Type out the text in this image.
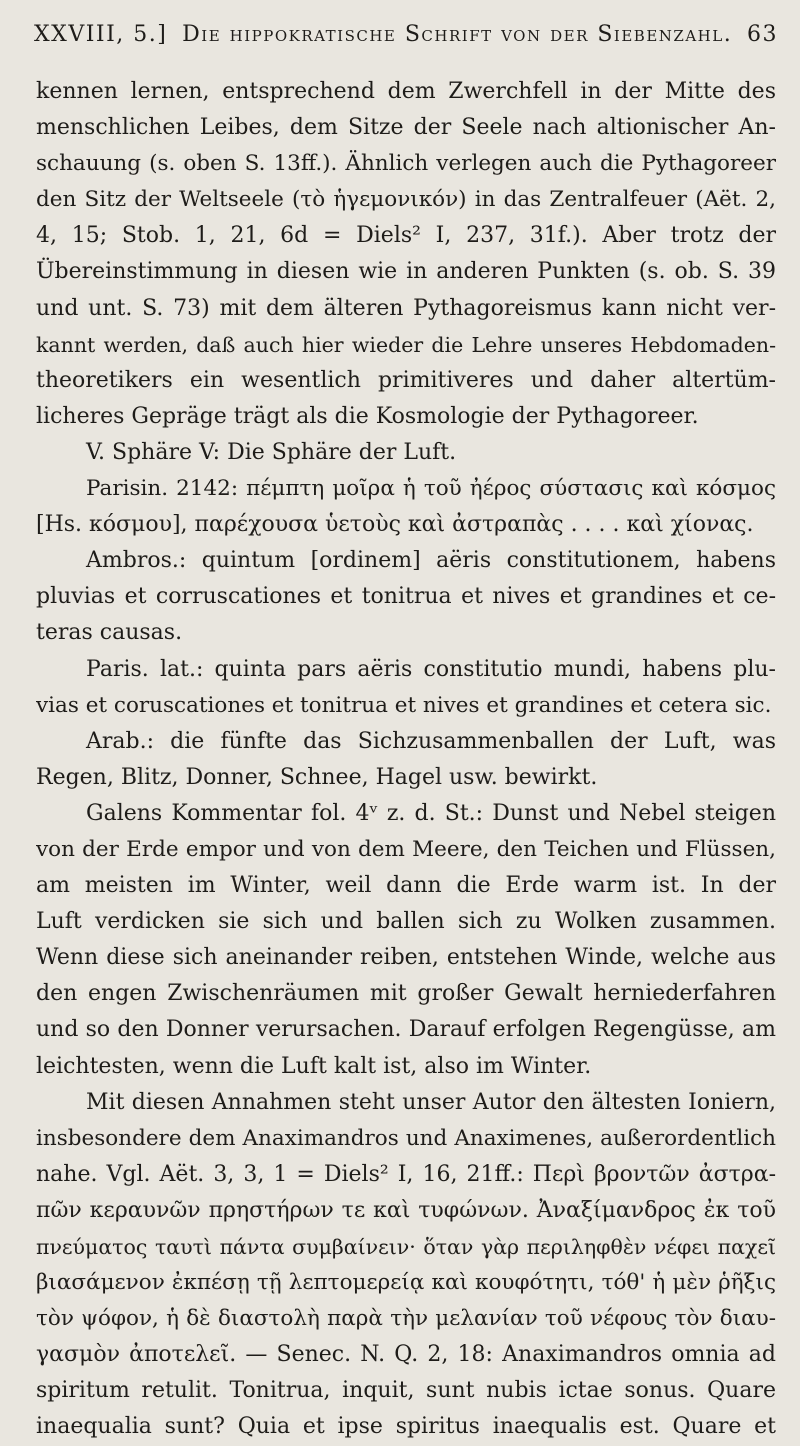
XXVIII, 5.] Die hippokratische Schrift von der Siebenzahl. 63
kennen lernen, entsprechend dem Zwerchfell in der Mitte des
menschlichen Leibes, dem Sitze der Seele nach altionischer An-
schauung (s. oben S. 13ff.). Ähnlich verlegen auch die Pythagoreer
den Sitz der Weltseele (τὸ ἡγεμονικόν) in das Zentralfeuer (Aët. 2,
4, 15; Stob. 1, 21, 6d = Diels² I, 237, 31f.). Aber trotz der
Übereinstimmung in diesen wie in anderen Punkten (s. ob. S. 39
und unt. S. 73) mit dem älteren Pythagoreismus kann nicht ver-
kannt werden, daß auch hier wieder die Lehre unseres Hebdomaden-
theoretikers ein wesentlich primitiveres und daher altertüm-
licheres Gepräge trägt als die Kosmologie der Pythagoreer.
V. Sphäre V: Die Sphäre der Luft.
Parisin. 2142: πέμπτη μοῖρα ἡ τοῦ ἠέρος σύστασις καὶ κόσμος
[Hs. κόσμου], παρέχουσα ὑετοὺς καὶ ἀστραπὰς . . . . καὶ χίονας.
Ambros.: quintum [ordinem] aëris constitutionem, habens
pluvias et corruscationes et tonitrua et nives et grandines et ce-
teras causas.
Paris. lat.: quinta pars aëris constitutio mundi, habens plu-
vias et coruscationes et tonitrua et nives et grandines et cetera sic.
Arab.: die fünfte das Sichzusammenballen der Luft, was
Regen, Blitz, Donner, Schnee, Hagel usw. bewirkt.
Galens Kommentar fol. 4ᵛ z. d. St.: Dunst und Nebel steigen
von der Erde empor und von dem Meere, den Teichen und Flüssen,
am meisten im Winter, weil dann die Erde warm ist. In der
Luft verdicken sie sich und ballen sich zu Wolken zusammen.
Wenn diese sich aneinander reiben, entstehen Winde, welche aus
den engen Zwischenräumen mit großer Gewalt herniederfahren
und so den Donner verursachen. Darauf erfolgen Regengüsse, am
leichtesten, wenn die Luft kalt ist, also im Winter.
Mit diesen Annahmen steht unser Autor den ältesten Ioniern,
insbesondere dem Anaximandros und Anaximenes, außerordentlich
nahe. Vgl. Aët. 3, 3, 1 = Diels² I, 16, 21ff.: Περὶ βροντῶν ἀστρα-
πῶν κεραυνῶν πρηστήρων τε καὶ τυφώνων. Ἀναξίμανδρος ἐκ τοῦ
πνεύματος ταυτὶ πάντα συμβαίνειν· ὅταν γὰρ περιληφθὲν νέφει παχεῖ
βιασάμενον ἐκπέσῃ τῇ λεπτομερείᾳ καὶ κουφότητι, τόθ' ἡ μὲν ῥῆξις
τὸν ψόφον, ἡ δὲ διαστολὴ παρὰ τὴν μελανίαν τοῦ νέφους τὸν διαυ-
γασμὸν ἀποτελεῖ. — Senec. N. Q. 2, 18: Anaximandros omnia ad
spiritum retulit. Tonitrua, inquit, sunt nubis ictae sonus. Quare
inaequalia sunt? Quia et ipse spiritus inaequalis est. Quare et
